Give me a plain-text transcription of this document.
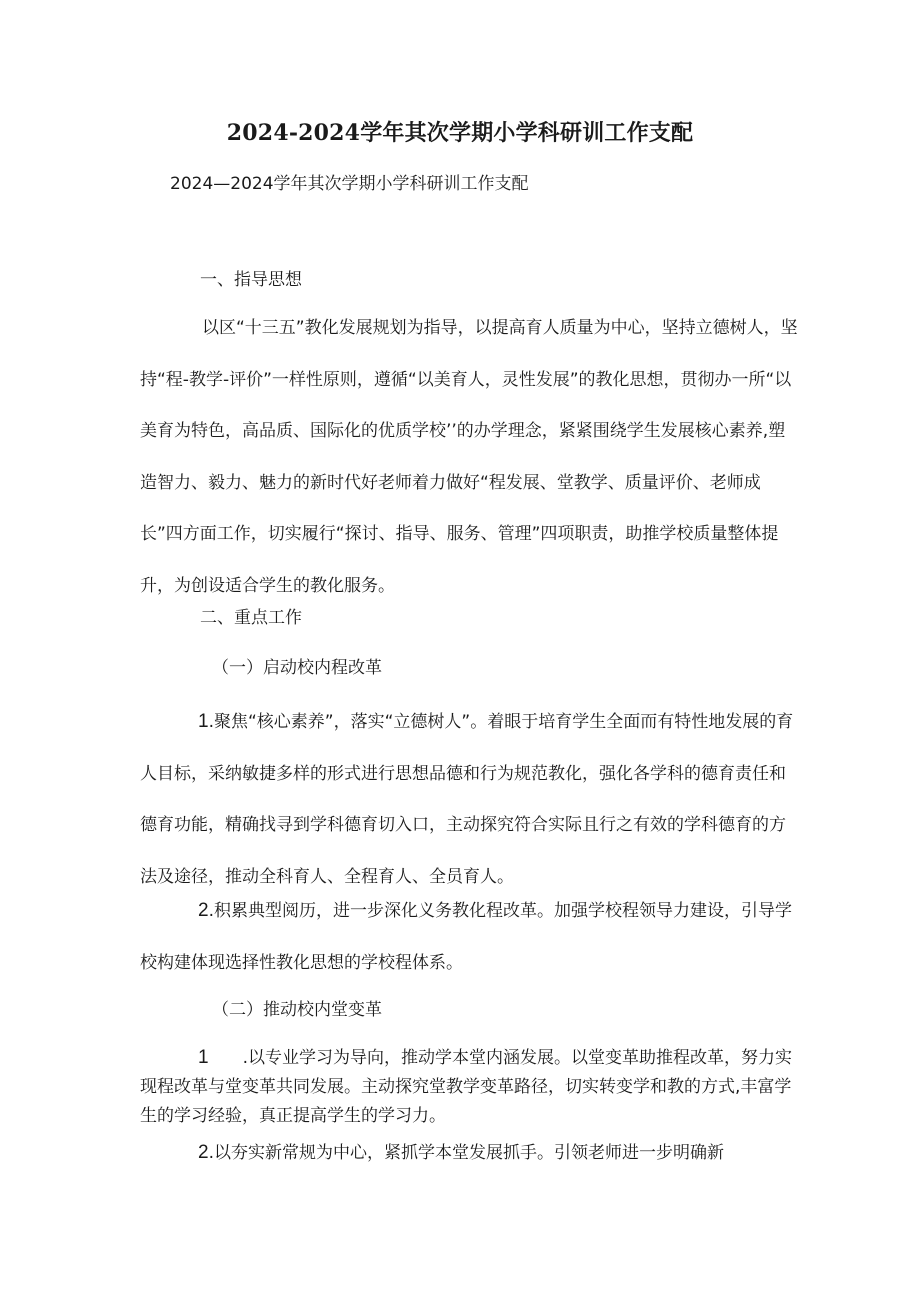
2024-2024学年其次学期小学科研训工作支配
2024—2024学年其次学期小学科研训工作支配
一、指导思想
以区“十三五”教化发展规划为指导，以提高育人质量为中心，坚持立德树人，坚持“程-教学-评价”一样性原则，遵循“以美育人，灵性发展”的教化思想，贯彻办一所“以美育为特色，高品质、国际化的优质学校’’的办学理念，紧紧围绕学生发展核心素养,塑造智力、毅力、魅力的新时代好老师着力做好“程发展、堂教学、质量评价、老师成长”四方面工作，切实履行“探讨、指导、服务、管理”四项职责，助推学校质量整体提升，为创设适合学生的教化服务。
二、重点工作
（一）启动校内程改革
1.聚焦“核心素养”，落实“立德树人”。着眼于培育学生全面而有特性地发展的育人目标，采纳敏捷多样的形式进行思想品德和行为规范教化，强化各学科的德育责任和德育功能，精确找寻到学科德育切入口，主动探究符合实际且行之有效的学科德育的方法及途径，推动全科育人、全程育人、全员育人。
2.积累典型阅历，进一步深化义务教化程改革。加强学校程领导力建设，引导学校构建体现选择性教化思想的学校程体系。
（二）推动校内堂变革
1 .以专业学习为导向，推动学本堂内涵发展。以堂变革助推程改革，努力实现程改革与堂变革共同发展。主动探究堂教学变革路径，切实转变学和教的方式,丰富学生的学习经验，真正提高学生的学习力。
2.以夯实新常规为中心，紧抓学本堂发展抓手。引领老师进一步明确新
